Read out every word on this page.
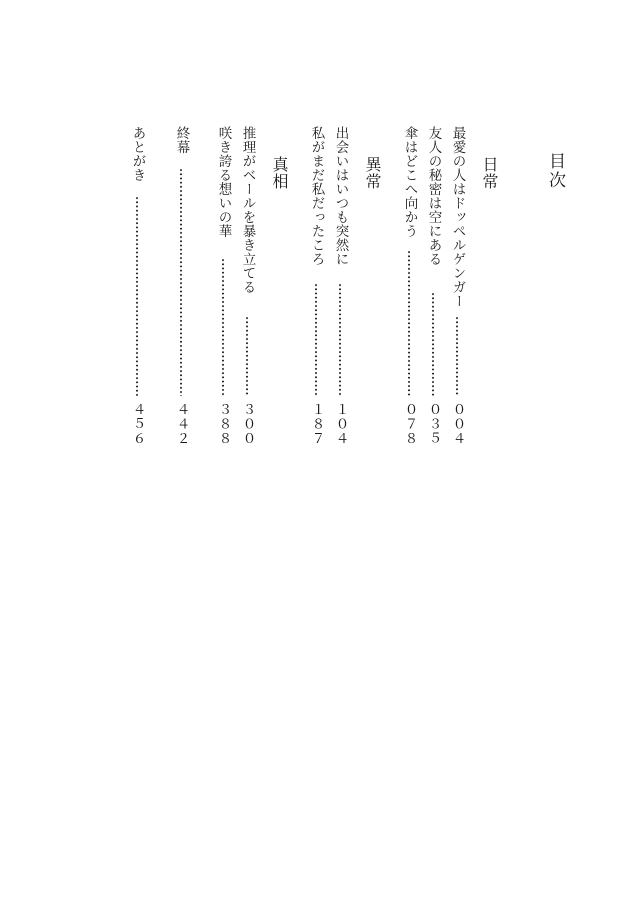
目次
日常
最愛の人はドッペルゲンガー
００４
友人の秘密は空にある
０３５
傘はどこへ向かう
０７８
異常
出会いはいつも突然に
１０４
私がまだ私だったころ
１８７
真相
推理がベールを暴き立てる
３００
咲き誇る想いの華
３８８
終幕
４４２
あとがき
４５６
